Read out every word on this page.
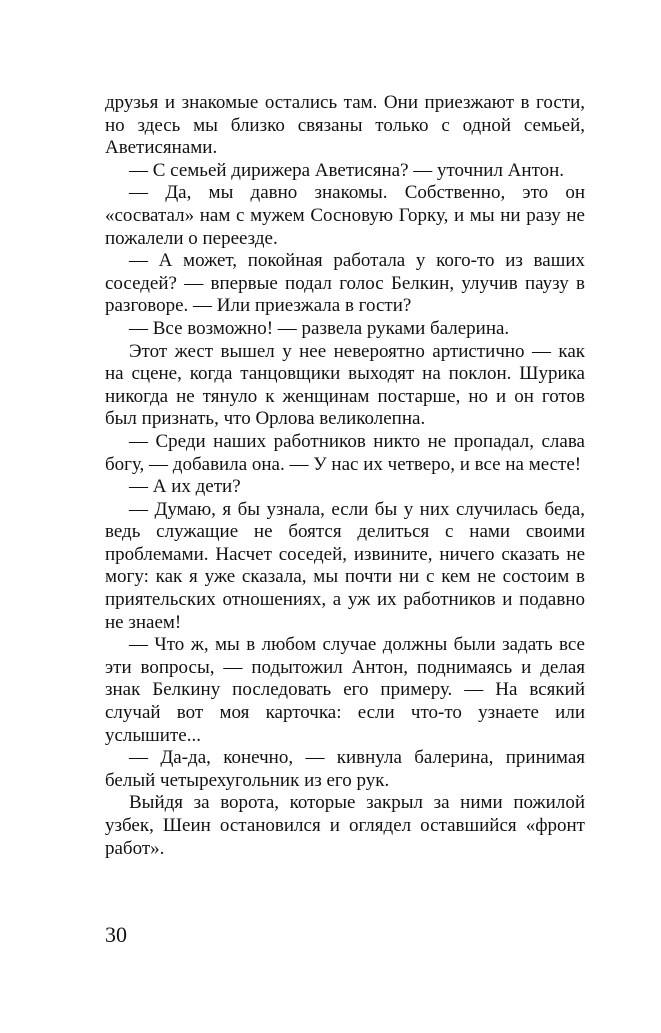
друзья и знакомые остались там. Они приезжают в гости, но здесь мы близко связаны только с одной семьей, Аветисянами.

— С семьей дирижера Аветисяна? — уточнил Антон.

— Да, мы давно знакомы. Собственно, это он «сосватал» нам с мужем Сосновую Горку, и мы ни разу не пожалели о переезде.

— А может, покойная работала у кого-то из ваших соседей? — впервые подал голос Белкин, улучив паузу в разговоре. — Или приезжала в гости?

— Все возможно! — развела руками балерина.

Этот жест вышел у нее невероятно артистично — как на сцене, когда танцовщики выходят на поклон. Шурика никогда не тянуло к женщинам постарше, но и он готов был признать, что Орлова великолепна.

— Среди наших работников никто не пропадал, слава богу, — добавила она. — У нас их четверо, и все на месте!

— А их дети?

— Думаю, я бы узнала, если бы у них случилась беда, ведь служащие не боятся делиться с нами своими проблемами. Насчет соседей, извините, ничего сказать не могу: как я уже сказала, мы почти ни с кем не состоим в приятельских отношениях, а уж их работников и подавно не знаем!

— Что ж, мы в любом случае должны были задать все эти вопросы, — подытожил Антон, поднимаясь и делая знак Белкину последовать его примеру. — На всякий случай вот моя карточка: если что-то узнаете или услышите...

— Да-да, конечно, — кивнула балерина, принимая белый четырехугольник из его рук.

Выйдя за ворота, которые закрыл за ними пожилой узбек, Шеин остановился и оглядел оставшийся «фронт работ».

30
